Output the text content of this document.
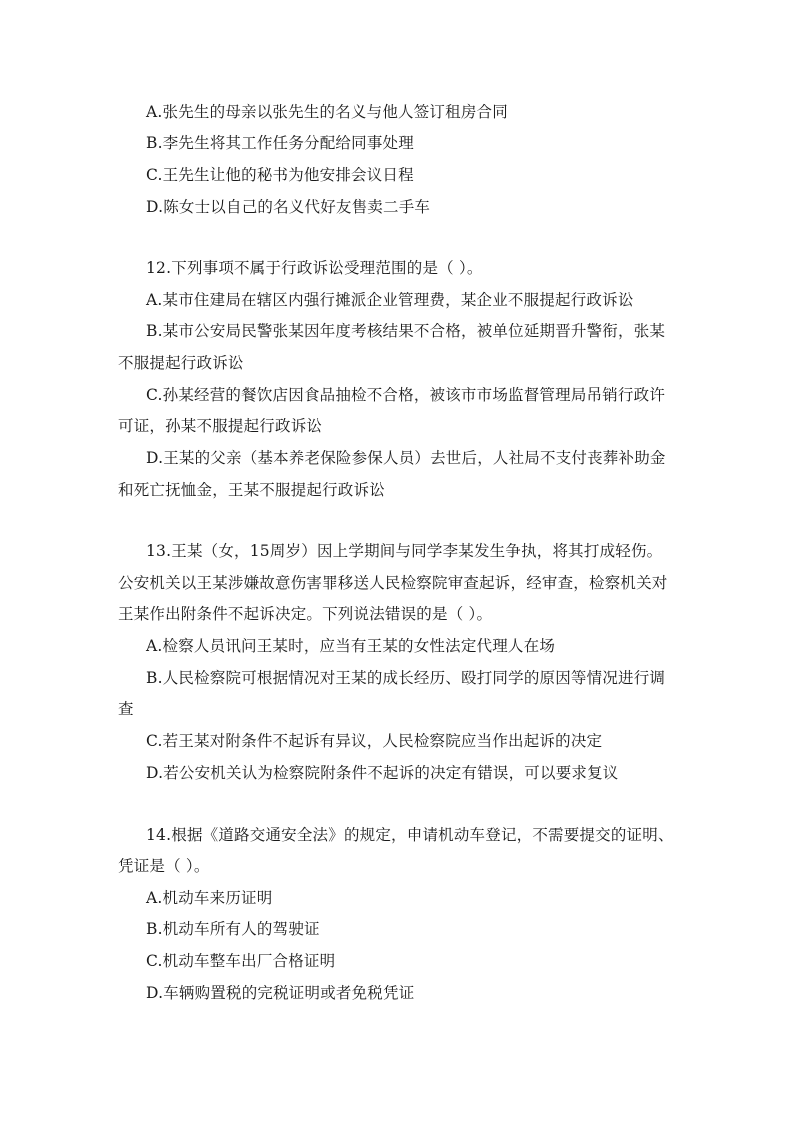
A.张先生的母亲以张先生的名义与他人签订租房合同
B.李先生将其工作任务分配给同事处理
C.王先生让他的秘书为他安排会议日程
D.陈女士以自己的名义代好友售卖二手车
12.下列事项不属于行政诉讼受理范围的是（ ）。
A.某市住建局在辖区内强行摊派企业管理费，某企业不服提起行政诉讼
B.某市公安局民警张某因年度考核结果不合格，被单位延期晋升警衔，张某
不服提起行政诉讼
C.孙某经营的餐饮店因食品抽检不合格，被该市市场监督管理局吊销行政许
可证，孙某不服提起行政诉讼
D.王某的父亲（基本养老保险参保人员）去世后，人社局不支付丧葬补助金
和死亡抚恤金，王某不服提起行政诉讼
13.王某（女，15周岁）因上学期间与同学李某发生争执，将其打成轻伤。
公安机关以王某涉嫌故意伤害罪移送人民检察院审查起诉，经审查，检察机关对
王某作出附条件不起诉决定。下列说法错误的是（ ）。
A.检察人员讯问王某时，应当有王某的女性法定代理人在场
B.人民检察院可根据情况对王某的成长经历、殴打同学的原因等情况进行调
查
C.若王某对附条件不起诉有异议，人民检察院应当作出起诉的决定
D.若公安机关认为检察院附条件不起诉的决定有错误，可以要求复议
14.根据《道路交通安全法》的规定，申请机动车登记，不需要提交的证明、
凭证是（ ）。
A.机动车来历证明
B.机动车所有人的驾驶证
C.机动车整车出厂合格证明
D.车辆购置税的完税证明或者免税凭证
